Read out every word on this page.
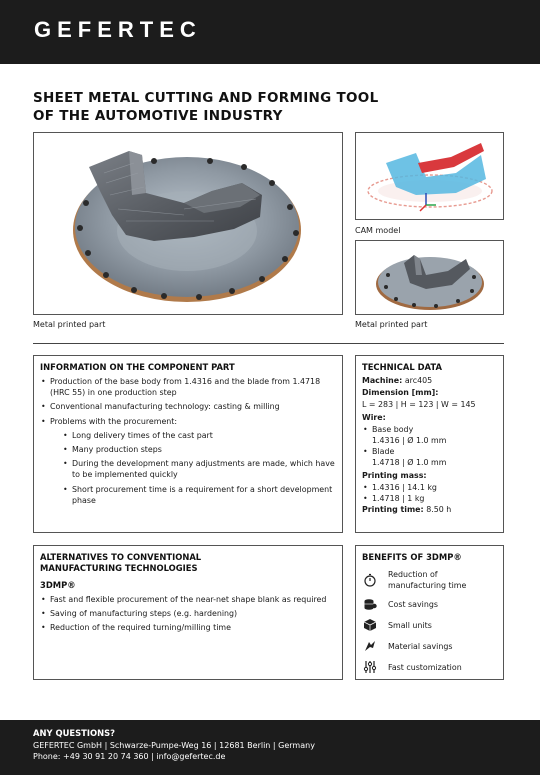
GEFERTEC
SHEET METAL CUTTING AND FORMING TOOL
OF THE AUTOMOTIVE INDUSTRY
Metal printed part
CAM model
Metal printed part
INFORMATION ON THE COMPONENT PART
• Production of the base body from 1.4316 and the blade from 1.4718 (HRC 55) in one production step
• Conventional manufacturing technology: casting & milling
• Problems with the procurement:
• Long delivery times of the cast part
• Many production steps
• During the development many adjustments are made, which have to be implemented quickly
• Short procurement time is a requirement for a short development phase
TECHNICAL DATA
Machine: arc405
Dimension [mm]:
L = 283 | H = 123 | W = 145
Wire:
• Base body
1.4316 | Ø 1.0 mm
• Blade
1.4718 | Ø 1.0 mm
Printing mass:
• 1.4316 | 14.1 kg
• 1.4718 | 1 kg
Printing time: 8.50 h
ALTERNATIVES TO CONVENTIONAL
MANUFACTURING TECHNOLOGIES
3DMP®
• Fast and flexible procurement of the near-net shape blank as required
• Saving of manufacturing steps (e.g. hardening)
• Reduction of the required turning/milling time
BENEFITS OF 3DMP®
Reduction of manufacturing time
Cost savings
Small units
Material savings
Fast customization
ANY QUESTIONS?
GEFERTEC GmbH | Schwarze-Pumpe-Weg 16 | 12681 Berlin | Germany
Phone: +49 30 91 20 74 360 | info@gefertec.de
